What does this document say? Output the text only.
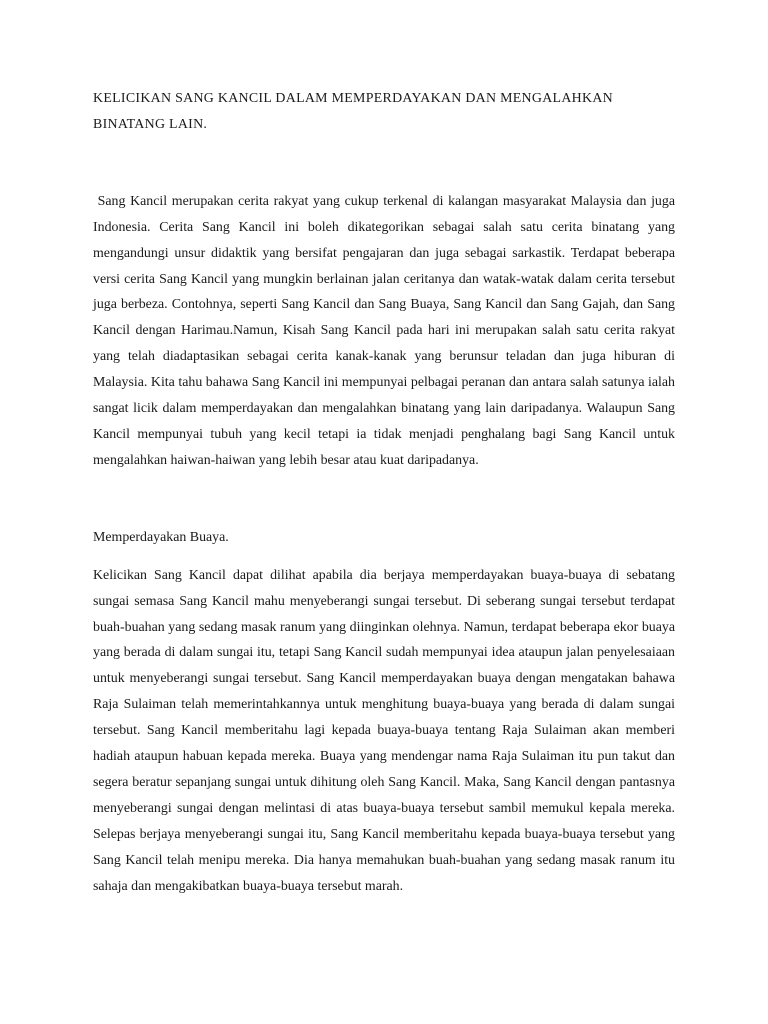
KELICIKAN SANG KANCIL DALAM MEMPERDAYAKAN DAN MENGALAHKAN BINATANG LAIN.

Sang Kancil merupakan cerita rakyat yang cukup terkenal di kalangan masyarakat Malaysia dan juga Indonesia. Cerita Sang Kancil ini boleh dikategorikan sebagai salah satu cerita binatang yang mengandungi unsur didaktik yang bersifat pengajaran dan juga sebagai sarkastik. Terdapat beberapa versi cerita Sang Kancil yang mungkin berlainan jalan ceritanya dan watak-watak dalam cerita tersebut juga berbeza. Contohnya, seperti Sang Kancil dan Sang Buaya, Sang Kancil dan Sang Gajah, dan Sang Kancil dengan Harimau.Namun, Kisah Sang Kancil pada hari ini merupakan salah satu cerita rakyat yang telah diadaptasikan sebagai cerita kanak-kanak yang berunsur teladan dan juga hiburan di Malaysia. Kita tahu bahawa Sang Kancil ini mempunyai pelbagai peranan dan antara salah satunya ialah sangat licik dalam memperdayakan dan mengalahkan binatang yang lain daripadanya. Walaupun Sang Kancil mempunyai tubuh yang kecil tetapi ia tidak menjadi penghalang bagi Sang Kancil untuk mengalahkan haiwan-haiwan yang lebih besar atau kuat daripadanya.

Memperdayakan Buaya.

Kelicikan Sang Kancil dapat dilihat apabila dia berjaya memperdayakan buaya-buaya di sebatang sungai semasa Sang Kancil mahu menyeberangi sungai tersebut. Di seberang sungai tersebut terdapat buah-buahan yang sedang masak ranum yang diinginkan olehnya. Namun, terdapat beberapa ekor buaya yang berada di dalam sungai itu, tetapi Sang Kancil sudah mempunyai idea ataupun jalan penyelesaiaan untuk menyeberangi sungai tersebut. Sang Kancil memperdayakan buaya dengan mengatakan bahawa Raja Sulaiman telah memerintahkannya untuk menghitung buaya-buaya yang berada di dalam sungai tersebut. Sang Kancil memberitahu lagi kepada buaya-buaya tentang Raja Sulaiman akan memberi hadiah ataupun habuan kepada mereka. Buaya yang mendengar nama Raja Sulaiman itu pun takut dan segera beratur sepanjang sungai untuk dihitung oleh Sang Kancil. Maka, Sang Kancil dengan pantasnya menyeberangi sungai dengan melintasi di atas buaya-buaya tersebut sambil memukul kepala mereka. Selepas berjaya menyeberangi sungai itu, Sang Kancil memberitahu kepada buaya-buaya tersebut yang Sang Kancil telah menipu mereka. Dia hanya memahukan buah-buahan yang sedang masak ranum itu sahaja dan mengakibatkan buaya-buaya tersebut marah.
